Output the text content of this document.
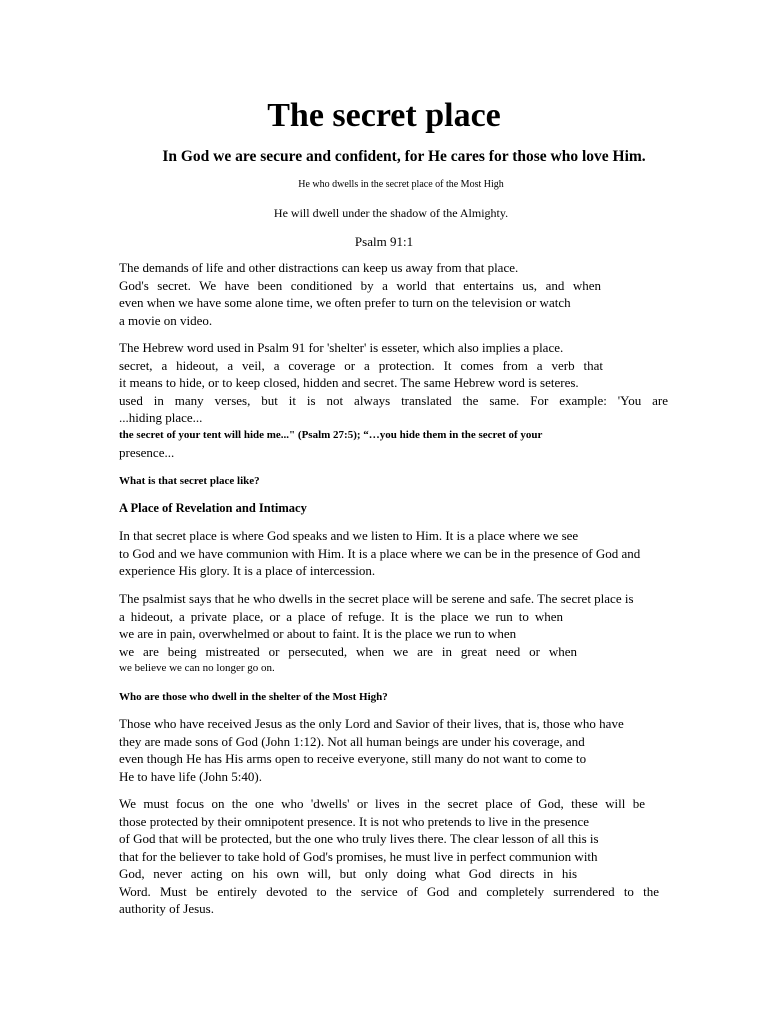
The secret place
In God we are secure and confident, for He cares for those who love Him.
He who dwells in the secret place of the Most High
He will dwell under the shadow of the Almighty.
Psalm 91:1
The demands of life and other distractions can keep us away from that place.
God's secret. We have been conditioned by a world that entertains us, and when
even when we have some alone time, we often prefer to turn on the television or watch
a movie on video.
The Hebrew word used in Psalm 91 for 'shelter' is esseter, which also implies a place.
secret, a hideout, a veil, a coverage or a protection. It comes from a verb that
it means to hide, or to keep closed, hidden and secret. The same Hebrew word is seteres.
used in many verses, but it is not always translated the same. For example: 'You are
...hiding place...
the secret of your tent will hide me..." (Psalm 27:5); “…you hide them in the secret of your
presence...
What is that secret place like?
A Place of Revelation and Intimacy
In that secret place is where God speaks and we listen to Him. It is a place where we see
to God and we have communion with Him. It is a place where we can be in the presence of God and
experience His glory. It is a place of intercession.
The psalmist says that he who dwells in the secret place will be serene and safe. The secret place is
a hideout, a private place, or a place of refuge. It is the place we run to when
we are in pain, overwhelmed or about to faint. It is the place we run to when
we are being mistreated or persecuted, when we are in great need or when
we believe we can no longer go on.
Who are those who dwell in the shelter of the Most High?
Those who have received Jesus as the only Lord and Savior of their lives, that is, those who have
they are made sons of God (John 1:12). Not all human beings are under his coverage, and
even though He has His arms open to receive everyone, still many do not want to come to
He to have life (John 5:40).
We must focus on the one who 'dwells' or lives in the secret place of God, these will be
those protected by their omnipotent presence. It is not who pretends to live in the presence
of God that will be protected, but the one who truly lives there. The clear lesson of all this is
that for the believer to take hold of God's promises, he must live in perfect communion with
God, never acting on his own will, but only doing what God directs in his
Word. Must be entirely devoted to the service of God and completely surrendered to the
authority of Jesus.
